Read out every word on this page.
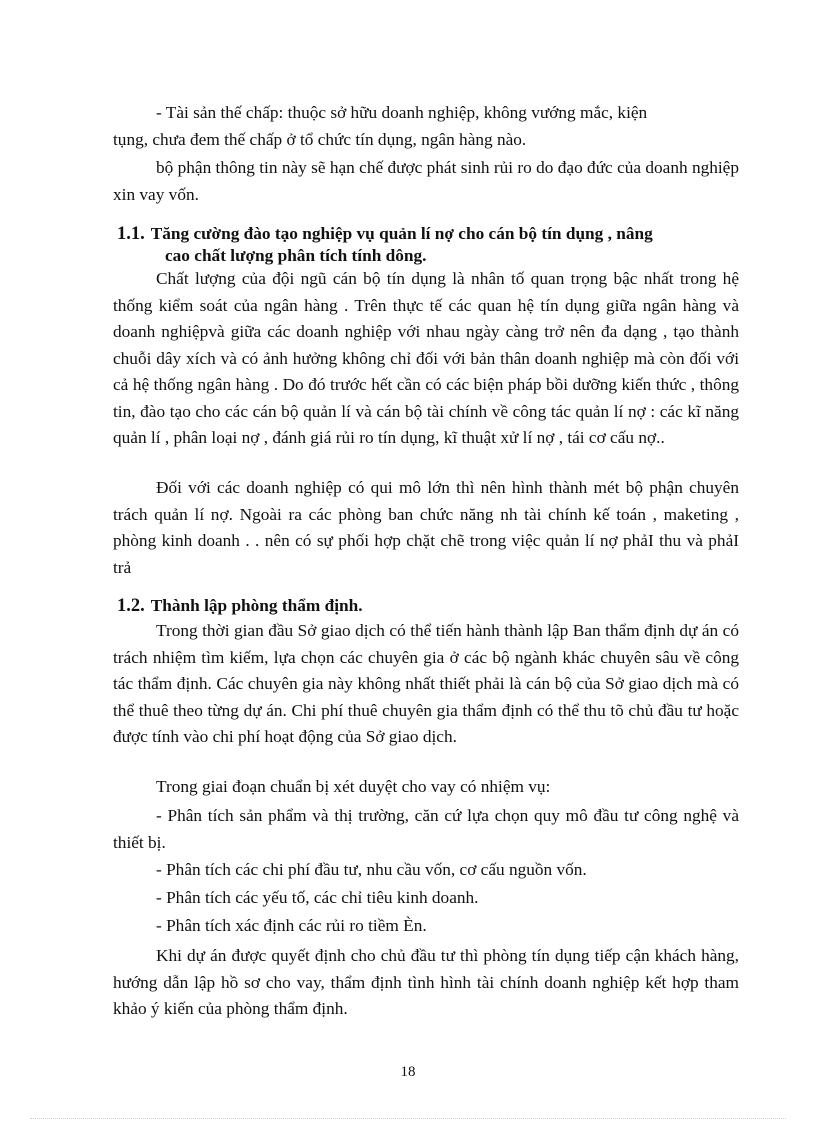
- Tài sản thế chấp: thuộc sở hữu doanh nghiệp, không vướng mắc, kiện

tụng, chưa đem thế chấp ở tổ chức tín dụng, ngân hàng nào.

bộ phận thông tin này sẽ hạn chế được phát sinh rủi ro do đạo đức của doanh nghiệp xin vay vốn.

1.1. Tăng cường đào tạo nghiệp vụ quản lí nợ cho cán bộ tín dụng , nâng
cao chất lượng phân tích tính dông.

Chất lượng của đội ngũ cán bộ tín dụng là nhân tố quan trọng bậc nhất trong hệ thống kiểm soát của ngân hàng . Trên thực tế các quan hệ tín dụng giữa ngân hàng và doanh nghiệpvà giữa các doanh nghiệp với nhau ngày càng trở nên đa dạng , tạo thành chuỗi dây xích và có ảnh hưởng không chỉ đối với bản thân doanh nghiệp mà còn đối với cả hệ thống ngân hàng . Do đó trước hết cần có các biện pháp bồi dưỡng kiến thức , thông tin, đào tạo cho các cán bộ quản lí và cán bộ tài chính về công tác quản lí nợ : các kĩ năng quản lí , phân loại nợ , đánh giá rủi ro tín dụng, kĩ thuật xử lí nợ , tái cơ cấu nợ..

Đối với các doanh nghiệp có qui mô lớn thì nên hình thành mét bộ phận chuyên trách quản lí nợ. Ngoài ra các phòng ban chức năng nh tài chính kế toán , maketing , phòng kinh doanh . . nên có sự phối hợp chặt chẽ trong việc quản lí nợ phảI thu và phảI trả

1.2. Thành lập phòng thẩm định.

Trong thời gian đầu Sở giao dịch có thể tiến hành thành lập Ban thẩm định dự án có trách nhiệm tìm kiếm, lựa chọn các chuyên gia ở các bộ ngành khác chuyên sâu về công tác thẩm định. Các chuyên gia này không nhất thiết phải là cán bộ của Sở giao dịch mà có thể thuê theo từng dự án. Chi phí thuê chuyên gia thẩm định có thể thu tõ chủ đầu tư hoặc được tính vào chi phí hoạt động của Sở giao dịch.

Trong giai đoạn chuẩn bị xét duyệt cho vay có nhiệm vụ:

- Phân tích sản phẩm và thị trường, căn cứ lựa chọn quy mô đầu tư công nghệ và thiết bị.

- Phân tích các chi phí đầu tư, nhu cầu vốn, cơ cấu nguồn vốn.

- Phân tích các yếu tố, các chỉ tiêu kinh doanh.

- Phân tích xác định các rủi ro tiềm Èn.

Khi dự án được quyết định cho chủ đầu tư thì phòng tín dụng tiếp cận khách hàng, hướng dẫn lập hồ sơ cho vay, thẩm định tình hình tài chính doanh nghiệp kết hợp tham khảo ý kiến của phòng thẩm định.

18
